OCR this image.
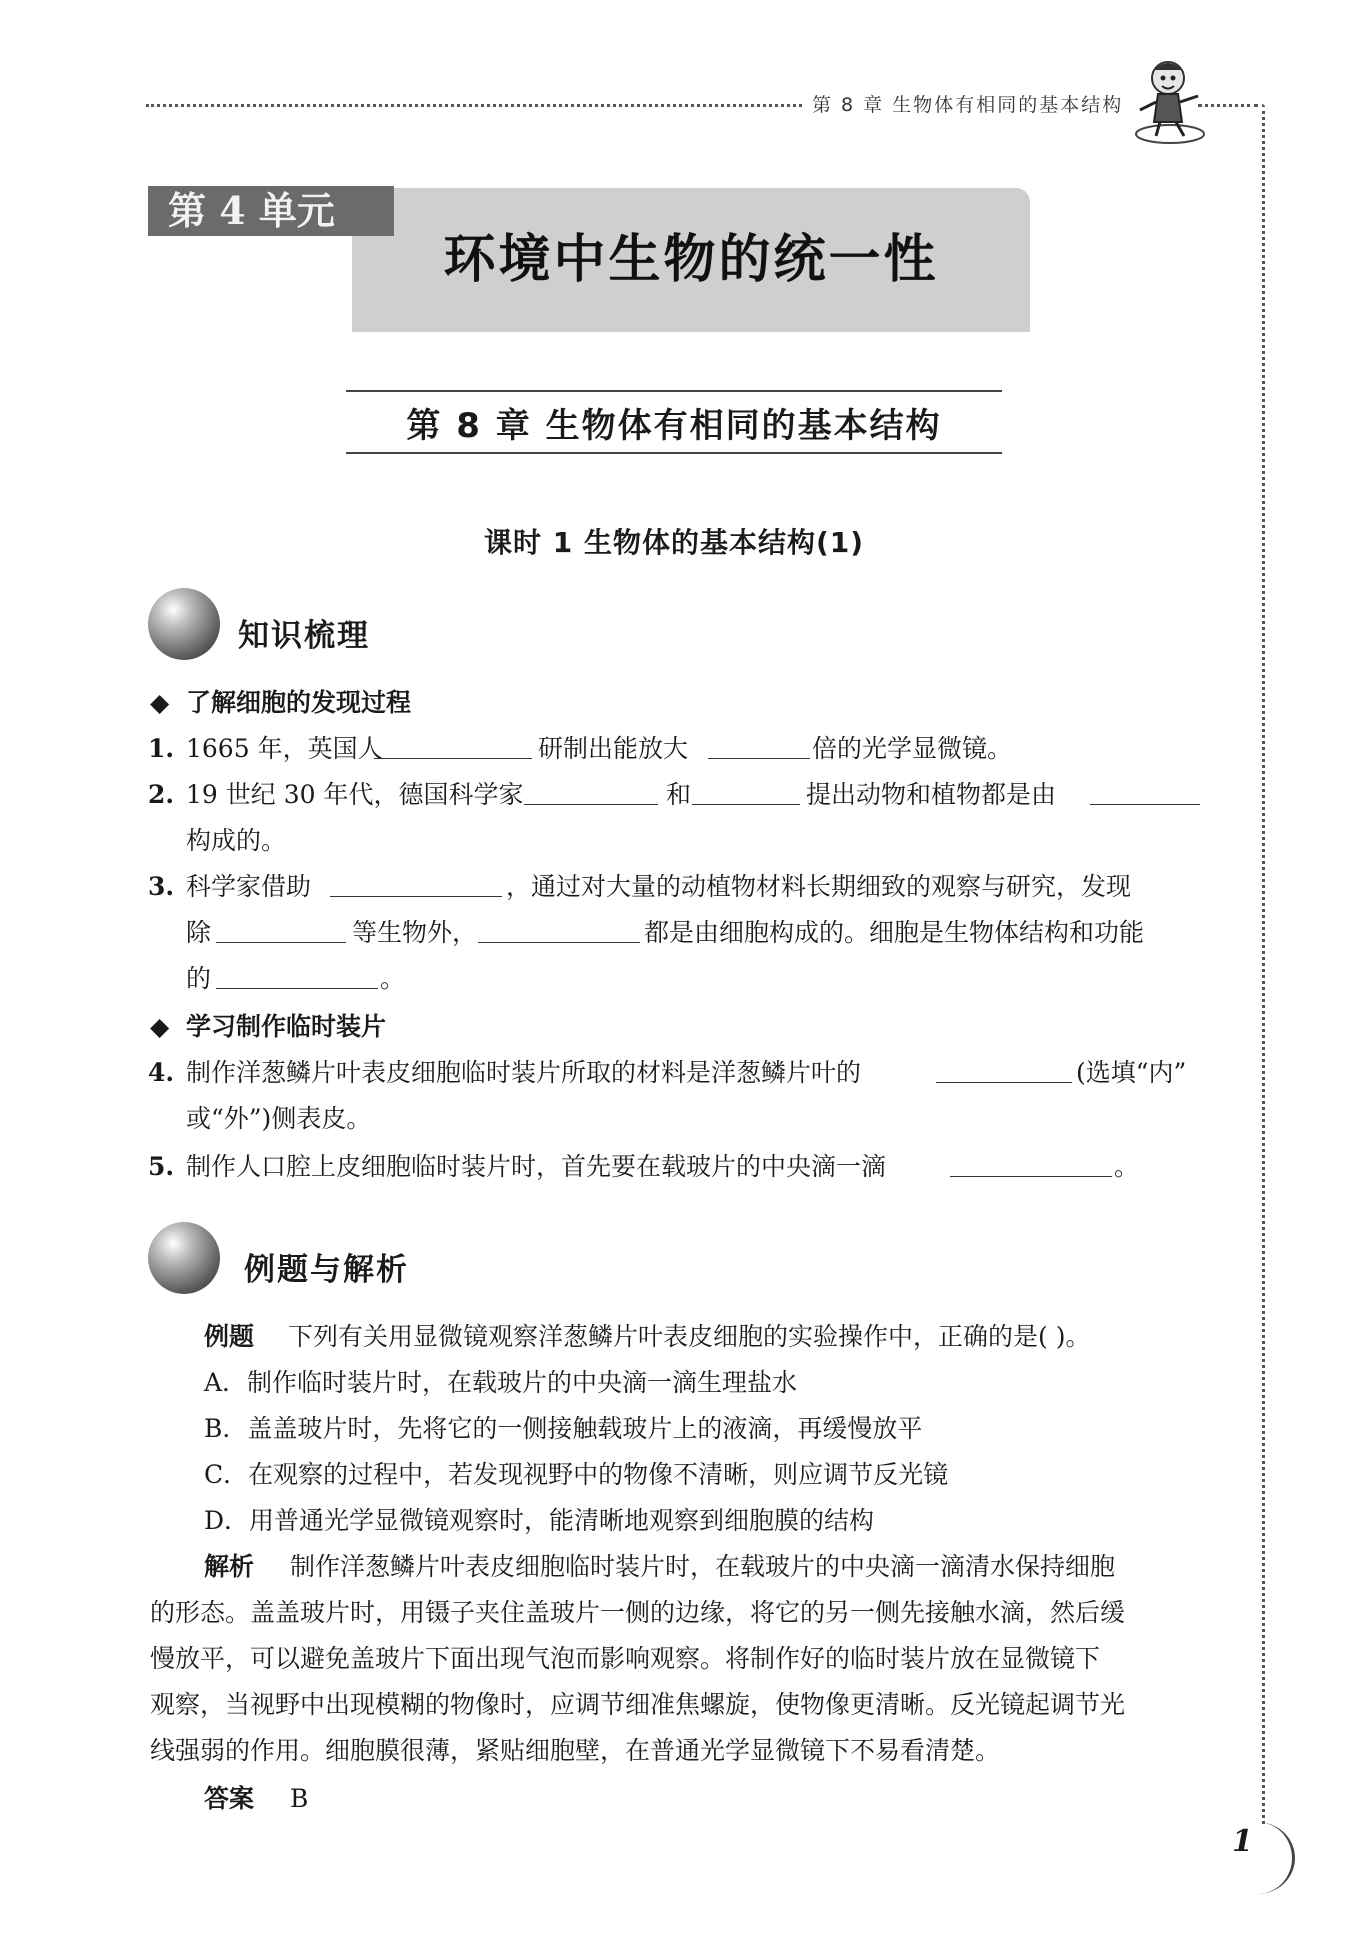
第 8 章 生物体有相同的基本结构
环境中生物的统一性
第 4 单元
第 8 章 生物体有相同的基本结构
课时 1 生物体的基本结构(1)
知识梳理
◆ 了解细胞的发现过程
1. 1665 年，英国人	研制出能放大	倍的光学显微镜。
2. 19 世纪 30 年代，德国科学家	和	提出动物和植物都是由
构成的。
3. 科学家借助	，通过对大量的动植物材料长期细致的观察与研究，发现
除	等生物外，	都是由细胞构成的。细胞是生物体结构和功能
的	。
◆ 学习制作临时装片
4. 制作洋葱鳞片叶表皮细胞临时装片所取的材料是洋葱鳞片叶的	(选填“内”
或“外”)侧表皮。
5. 制作人口腔上皮细胞临时装片时，首先要在载玻片的中央滴一滴	。
例题与解析
例题 下列有关用显微镜观察洋葱鳞片叶表皮细胞的实验操作中，正确的是( )。
A．制作临时装片时，在载玻片的中央滴一滴生理盐水
B．盖盖玻片时，先将它的一侧接触载玻片上的液滴，再缓慢放平
C．在观察的过程中，若发现视野中的物像不清晰，则应调节反光镜
D．用普通光学显微镜观察时，能清晰地观察到细胞膜的结构
解析 制作洋葱鳞片叶表皮细胞临时装片时，在载玻片的中央滴一滴清水保持细胞
的形态。盖盖玻片时，用镊子夹住盖玻片一侧的边缘，将它的另一侧先接触水滴，然后缓
慢放平，可以避免盖玻片下面出现气泡而影响观察。将制作好的临时装片放在显微镜下
观察，当视野中出现模糊的物像时，应调节细准焦螺旋，使物像更清晰。反光镜起调节光
线强弱的作用。细胞膜很薄，紧贴细胞壁，在普通光学显微镜下不易看清楚。
答案 B
1
